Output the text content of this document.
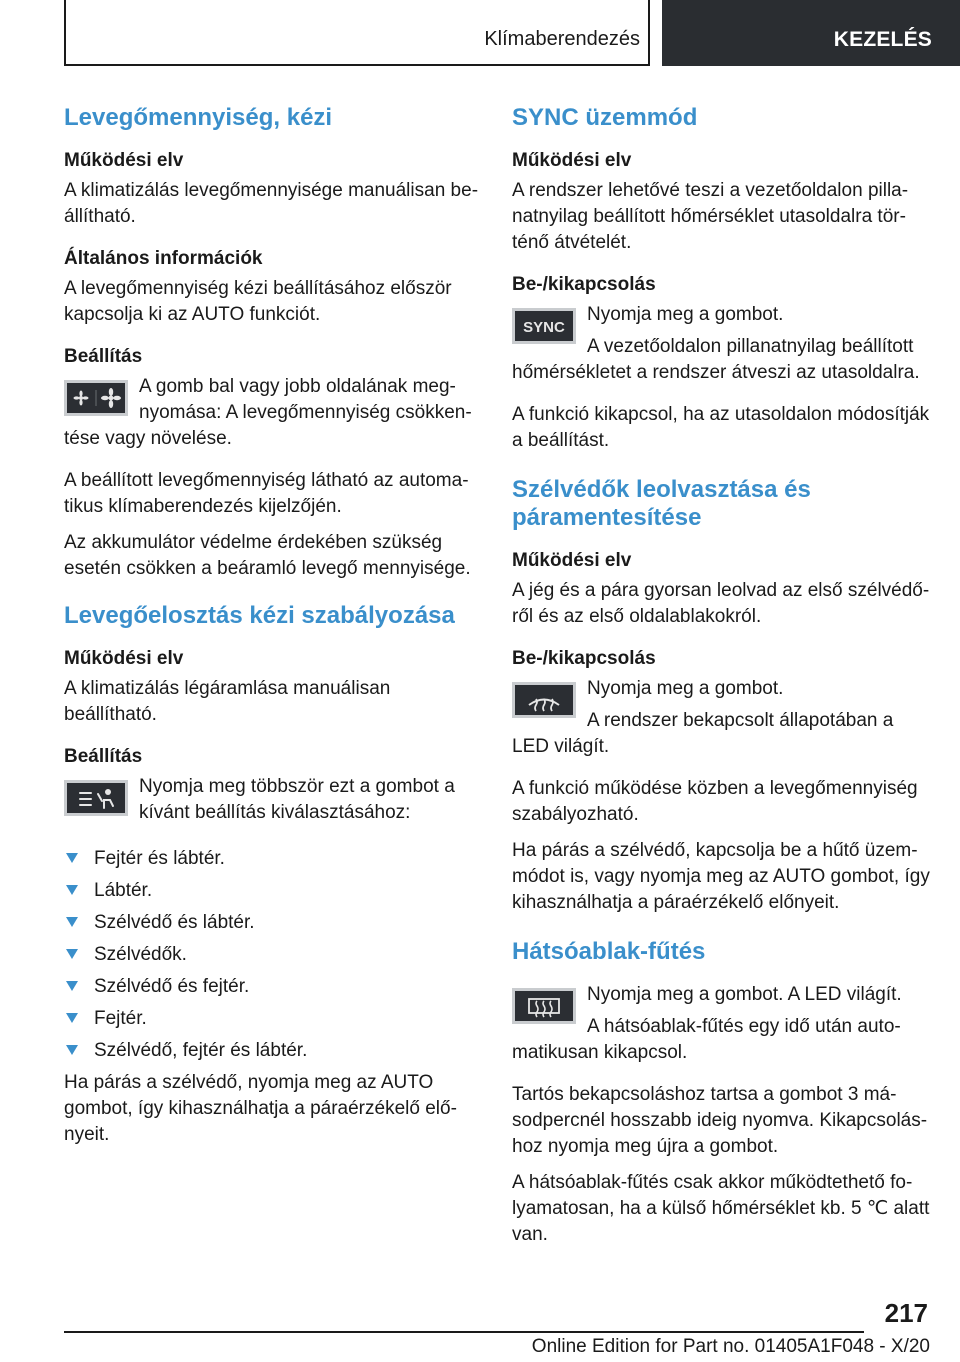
Klímaberendezés	KEZELÉS
Levegőmennyiség, kézi
Működési elv

A klimatizálás levegőmennyisége manuálisan beállítható.

Általános információk

A levegőmennyiség kézi beállításához először kapcsolja ki az AUTO funkciót.

Beállítás

A gomb bal vagy jobb oldalának megnyomása: A levegőmennyiség csökkentése vagy növelése.

A beállított levegőmennyiség látható az automatikus klímaberendezés kijelzőjén.

Az akkumulátor védelme érdekében szükség esetén csökken a beáramló levegő mennyisége.

Levegőelosztás kézi szabályozása
Működési elv

A klimatizálás légáramlása manuálisan beállítható.

Beállítás

Nyomja meg többször ezt a gombot a kívánt beállítás kiválasztásához:

Fejtér és lábtér.
Lábtér.
Szélvédő és lábtér.
Szélvédők.
Szélvédő és fejtér.
Fejtér.
Szélvédő, fejtér és lábtér.

Ha párás a szélvédő, nyomja meg az AUTO gombot, így kihasználhatja a páraérzékelő előnyeit.

SYNC üzemmód
Működési elv

A rendszer lehetővé teszi a vezetőoldalon pillanatnyilag beállított hőmérséklet utasoldalra történő átvételét.

Be-/kikapcsolás
SYNC

Nyomja meg a gombot.

A vezetőoldalon pillanatnyilag beállított hőmérsékletet a rendszer átveszi az utasoldalra.

A funkció kikapcsol, ha az utasoldalon módosítják a beállítást.

Szélvédők leolvasztása és páramentesítése
Működési elv

A jég és a pára gyorsan leolvad az első szélvédőről és az első oldalablakokról.

Be-/kikapcsolás

Nyomja meg a gombot.

A rendszer bekapcsolt állapotában a LED világít.

A funkció működése közben a levegőmennyiség szabályozható.

Ha párás a szélvédő, kapcsolja be a hűtő üzemmódot is, vagy nyomja meg az AUTO gombot, így kihasználhatja a páraérzékelő előnyeit.

Hátsóablak-fűtés

Nyomja meg a gombot. A LED világít.

A hátsóablak-fűtés egy idő után automatikusan kikapcsol.

Tartós bekapcsoláshoz tartsa a gombot 3 másodpercnél hosszabb ideig nyomva. Kikapcsoláshoz nyomja meg újra a gombot.

A hátsóablak-fűtés csak akkor működtethető folyamatosan, ha a külső hőmérséklet kb. 5 ℃ alatt van.

217
Online Edition for Part no. 01405A1F048 - X/20
